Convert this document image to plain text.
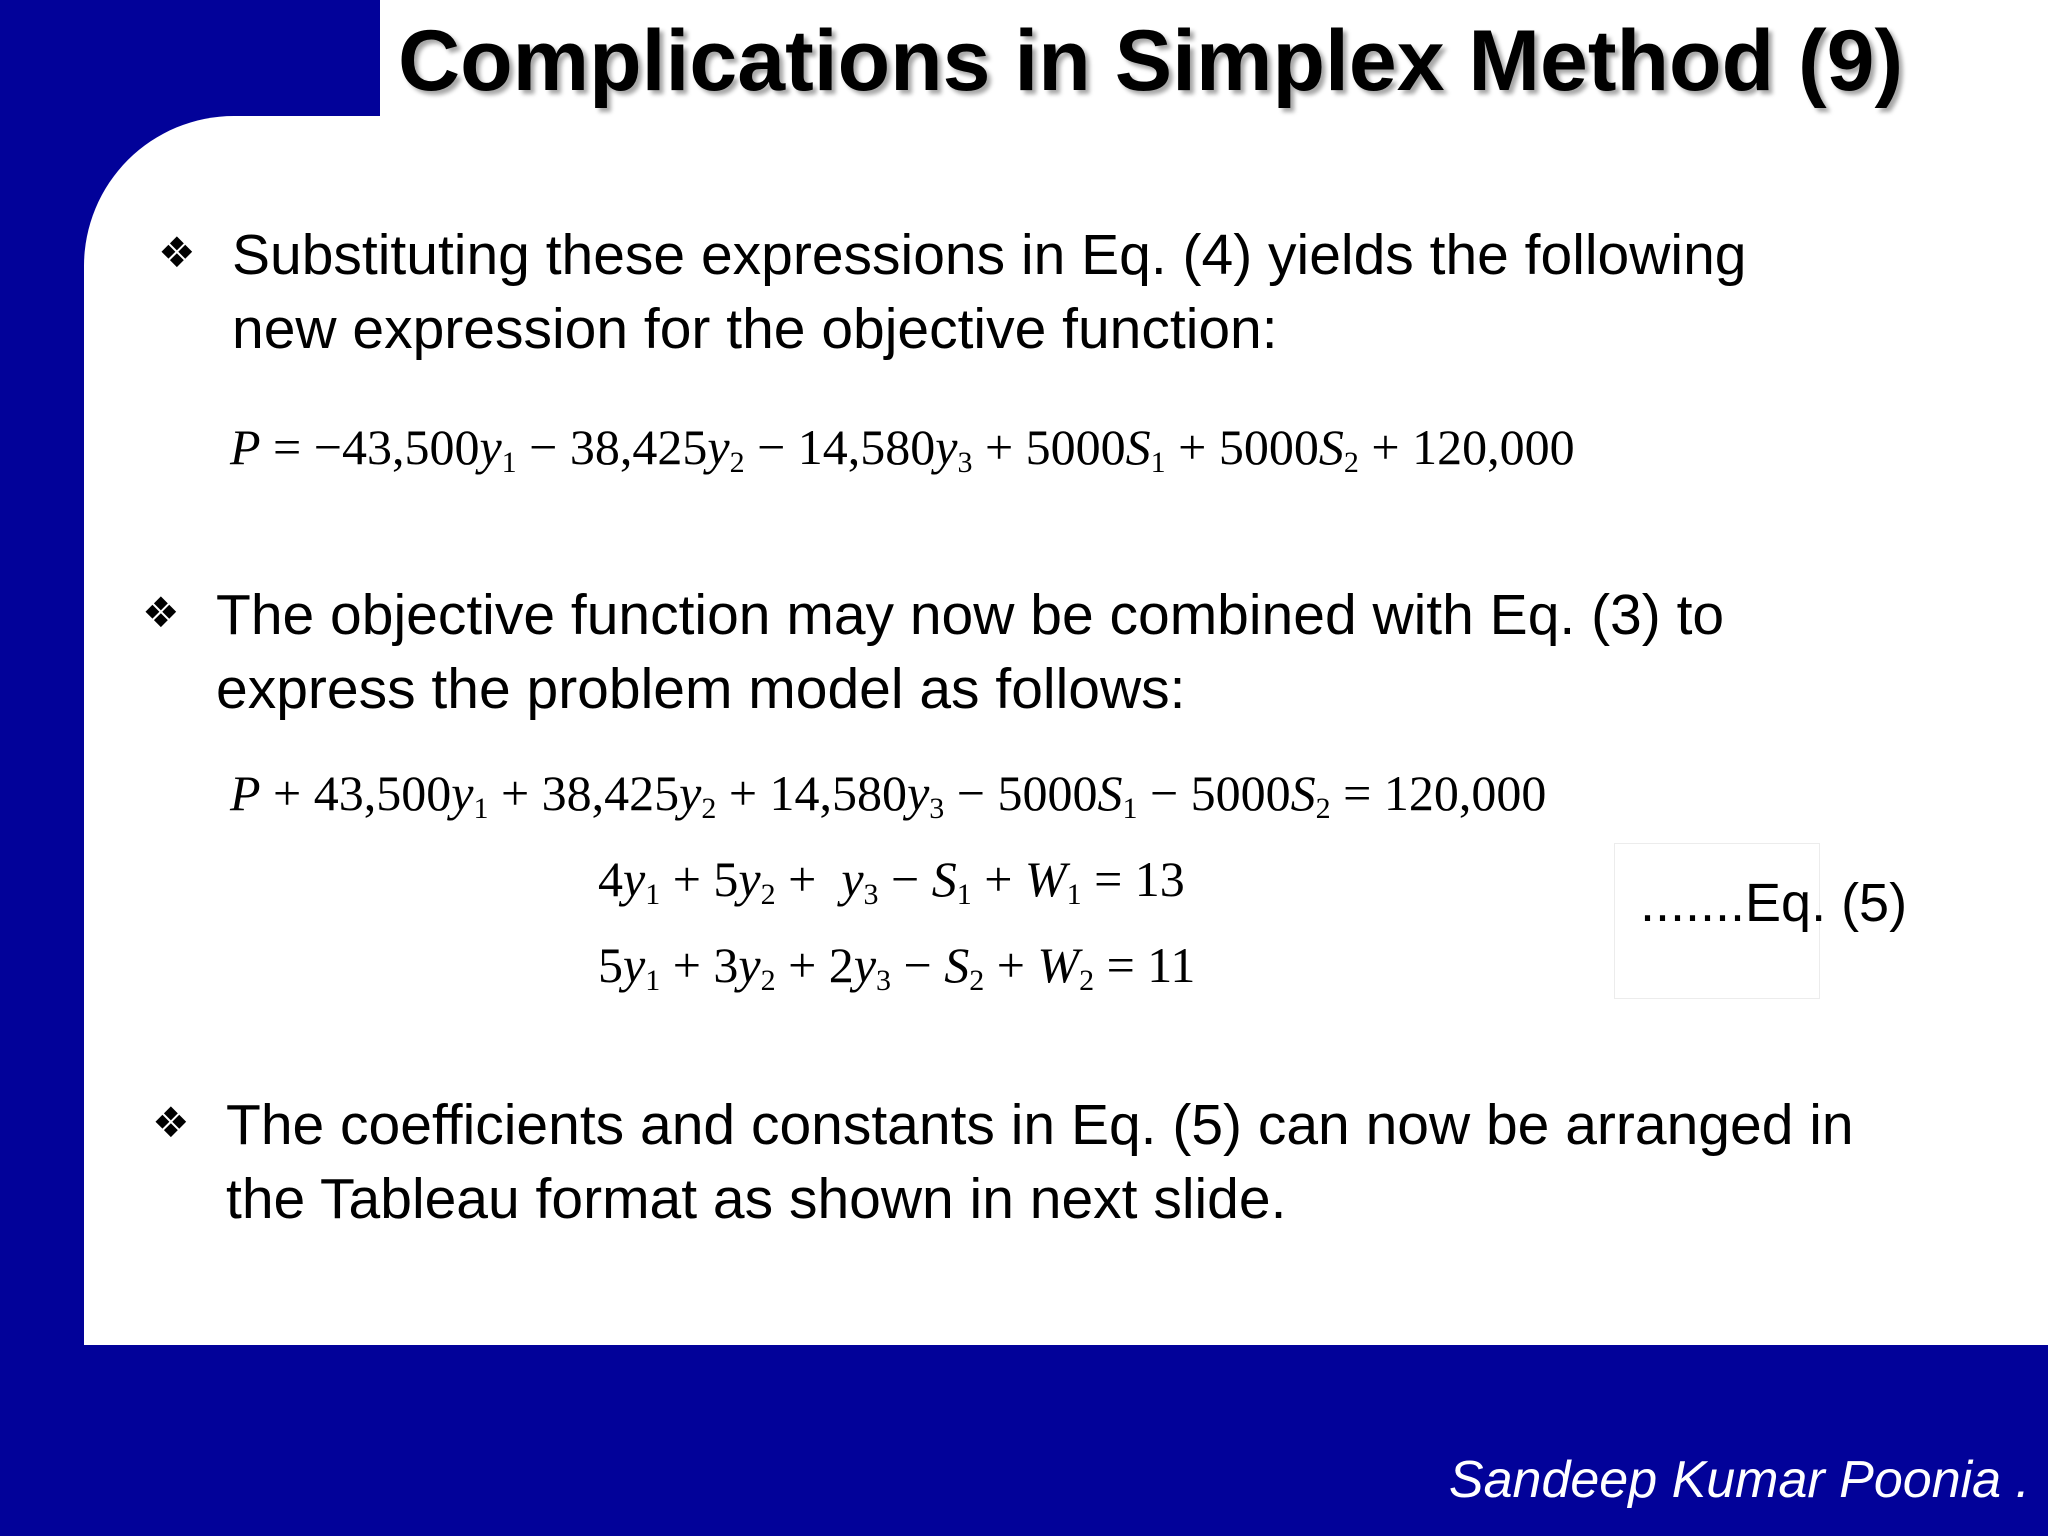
Complications in Simplex Method (9)
❖ Substituting these expressions in Eq. (4) yields the following
new expression for the objective function:
$P = -43,500y_1 - 38,425y_2 - 14,580y_3 + 5000S_1 + 5000S_2 + 120,000$
❖ The objective function may now be combined with Eq. (3) to
express the problem model as follows:
$P + 43,500y_1 + 38,425y_2 + 14,580y_3 - 5000S_1 - 5000S_2 = 120,000$
$4y_1 + 5y_2 + y_3 - S_1 + W_1 = 13$
$5y_1 + 3y_2 + 2y_3 - S_2 + W_2 = 11$
.......Eq. (5)
❖ The coefficients and constants in Eq. (5) can now be arranged in
the Tableau format as shown in next slide.
Sandeep Kumar Poonia .
